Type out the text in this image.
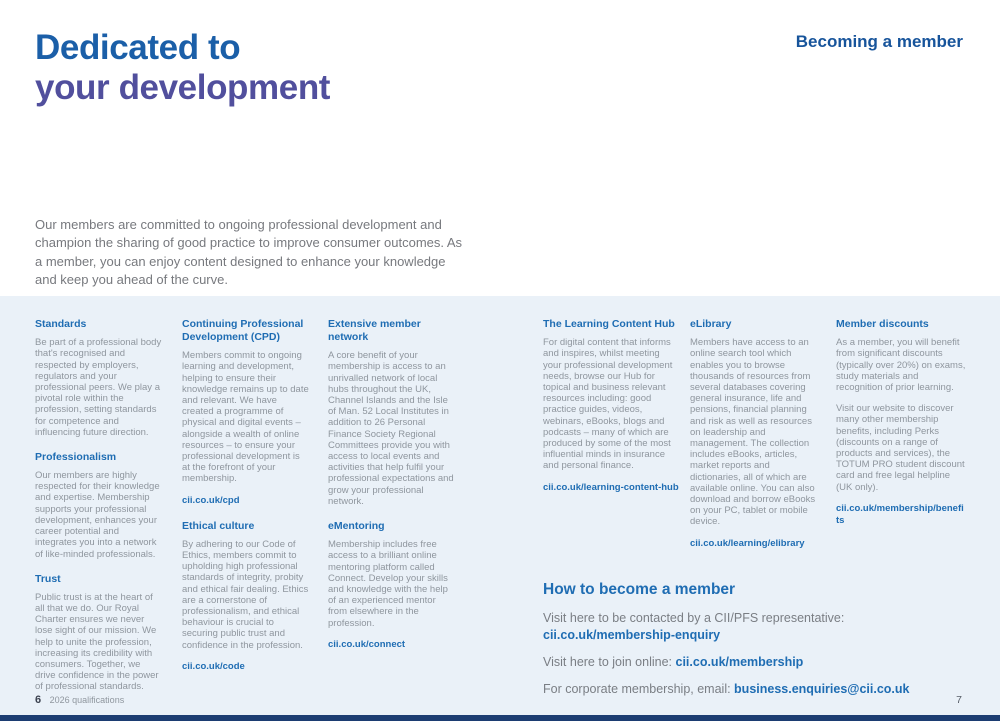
Dedicated to
your development
Becoming a member

Our members are committed to ongoing professional development and champion the sharing of good practice to improve consumer outcomes. As a member, you can enjoy content designed to enhance your knowledge and keep you ahead of the curve.

Standards

Be part of a professional body that's recognised and respected by employers, regulators and your professional peers. We play a pivotal role within the profession, setting standards for competence and influencing future direction.

Professionalism

Our members are highly respected for their knowledge and expertise. Membership supports your professional development, enhances your career potential and integrates you into a network of like-minded professionals.

Trust

Public trust is at the heart of all that we do. Our Royal Charter ensures we never lose sight of our mission. We help to unite the profession, increasing its credibility with consumers. Together, we drive confidence in the power of professional standards.

Continuing Professional Development (CPD)

Members commit to ongoing learning and development, helping to ensure their knowledge remains up to date and relevant. We have created a programme of physical and digital events – alongside a wealth of online resources – to ensure your professional development is at the forefront of your membership.

cii.co.uk/cpd
Ethical culture

By adhering to our Code of Ethics, members commit to upholding high professional standards of integrity, probity and ethical fair dealing. Ethics are a cornerstone of professionalism, and ethical behaviour is crucial to securing public trust and confidence in the profession.

cii.co.uk/code
Extensive member network

A core benefit of your membership is access to an unrivalled network of local hubs throughout the UK, Channel Islands and the Isle of Man. 52 Local Institutes in addition to 26 Personal Finance Society Regional Committees provide you with access to local events and activities that help fulfil your professional expectations and grow your professional network.

eMentoring

Membership includes free access to a brilliant online mentoring platform called Connect. Develop your skills and knowledge with the help of an experienced mentor from elsewhere in the profession.

cii.co.uk/connect
The Learning Content Hub

For digital content that informs and inspires, whilst meeting your professional development needs, browse our Hub for topical and business relevant resources including: good practice guides, videos, webinars, eBooks, blogs and podcasts – many of which are produced by some of the most influential minds in insurance and personal finance.

cii.co.uk/learning-content-hub
eLibrary

Members have access to an online search tool which enables you to browse thousands of resources from several databases covering general insurance, life and pensions, financial planning and risk as well as resources on leadership and management. The collection includes eBooks, articles, market reports and dictionaries, all of which are available online. You can also download and borrow eBooks on your PC, tablet or mobile device.

cii.co.uk/learning/elibrary
Member discounts

As a member, you will benefit from significant discounts (typically over 20%) on exams, study materials and recognition of prior learning.

Visit our website to discover many other membership benefits, including Perks (discounts on a range of products and services), the TOTUM PRO student discount card and free legal helpline (UK only).

cii.co.uk/membership/benefits
How to become a member
Visit here to be contacted by a CII/PFS representative:
cii.co.uk/membership-enquiry
Visit here to join online: cii.co.uk/membership
For corporate membership, email: business.enquiries@cii.co.uk
6 2026 qualifications	7
